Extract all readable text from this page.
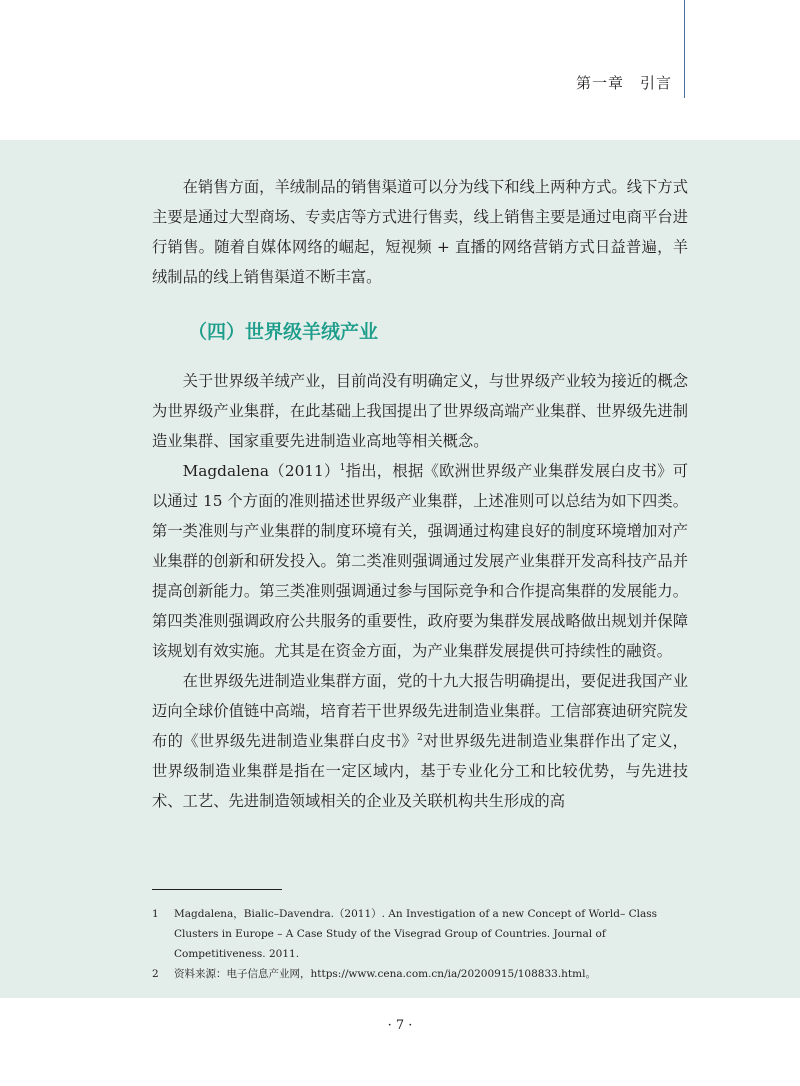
第一章　引言

在销售方面，羊绒制品的销售渠道可以分为线下和线上两种方式。线下方式主要是通过大型商场、专卖店等方式进行售卖，线上销售主要是通过电商平台进行销售。随着自媒体网络的崛起，短视频 + 直播的网络营销方式日益普遍，羊绒制品的线上销售渠道不断丰富。

（四）世界级羊绒产业

关于世界级羊绒产业，目前尚没有明确定义，与世界级产业较为接近的概念为世界级产业集群，在此基础上我国提出了世界级高端产业集群、世界级先进制造业集群、国家重要先进制造业高地等相关概念。

$Magdalena(2011)^1$指出，根据《欧洲世界级产业集群发展白皮书》可以通过 15 个方面的准则描述世界级产业集群，上述准则可以总结为如下四类。第一类准则与产业集群的制度环境有关，强调通过构建良好的制度环境增加对产业集群的创新和研发投入。第二类准则强调通过发展产业集群开发高科技产品并提高创新能力。第三类准则强调通过参与国际竞争和合作提高集群的发展能力。第四类准则强调政府公共服务的重要性，政府要为集群发展战略做出规划并保障该规划有效实施。尤其是在资金方面，为产业集群发展提供可持续性的融资。

在世界级先进制造业集群方面，党的十九大报告明确提出，要促进我国产业迈向全球价值链中高端，培育若干世界级先进制造业集群。工信部赛迪研究院发布的《世界级先进制造业集群白皮书》$^2$对世界级先进制造业集群作出了定义，世界级制造业集群是指在一定区域内，基于专业化分工和比较优势，与先进技术、工艺、先进制造领域相关的企业及关联机构共生形成的高

1	Magdalena，Bialic–Davendra.（2011）. An Investigation of a new Concept of World– Class Clusters in Europe – A Case Study of the Visegrad Group of Countries. Journal of Competitiveness. 2011.
2	资料来源：电子信息产业网，https://www.cena.com.cn/ia/20200915/108833.html。
· 7 ·
